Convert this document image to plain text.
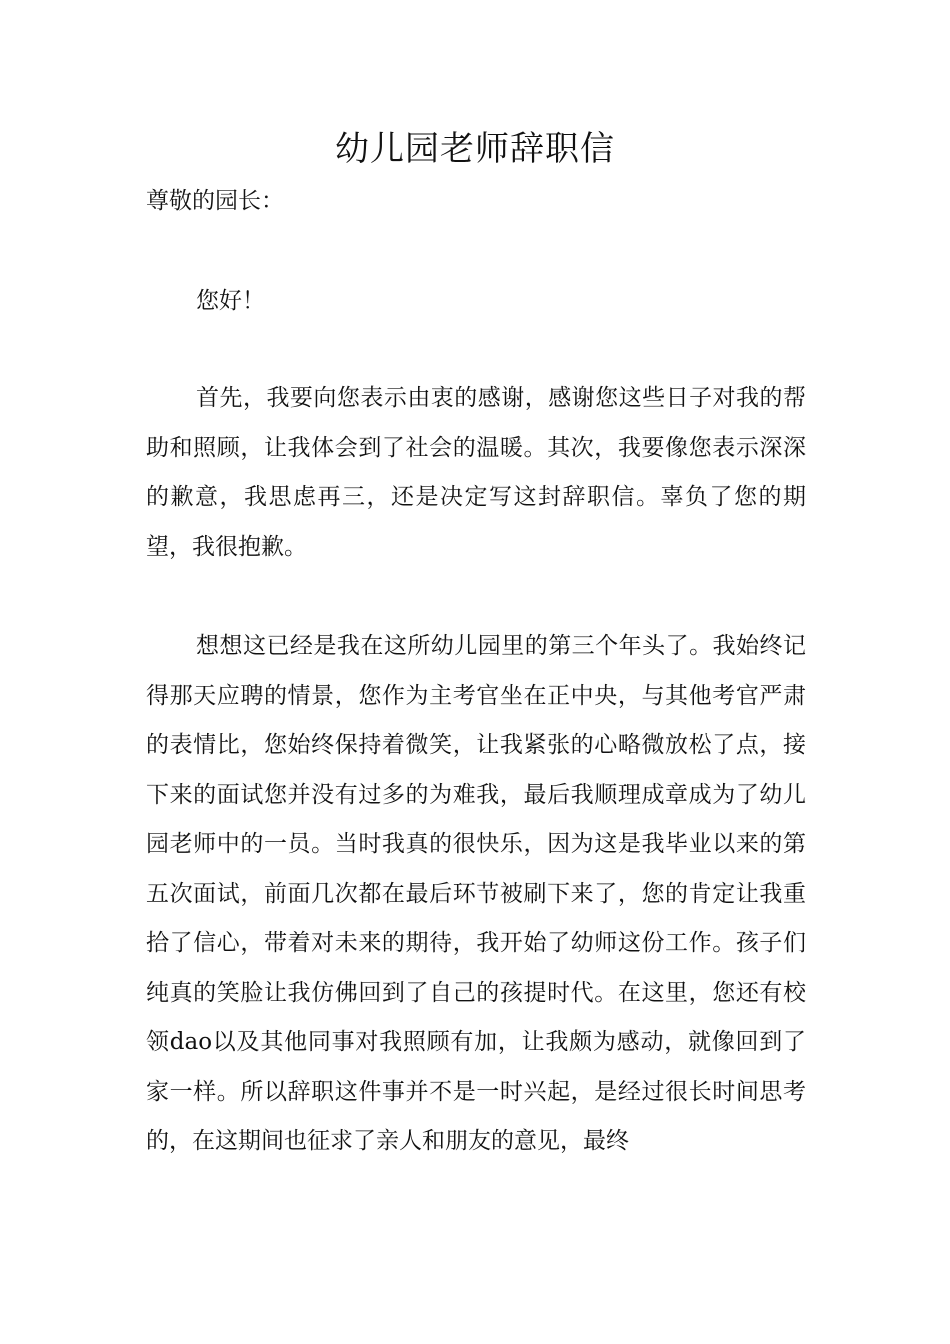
幼儿园老师辞职信

尊敬的园长：

您好！

首先，我要向您表示由衷的感谢，感谢您这些日子对我的帮助和照顾，让我体会到了社会的温暖。其次，我要像您表示深深的歉意，我思虑再三，还是决定写这封辞职信。辜负了您的期望，我很抱歉。

想想这已经是我在这所幼儿园里的第三个年头了。我始终记得那天应聘的情景，您作为主考官坐在正中央，与其他考官严肃的表情比，您始终保持着微笑，让我紧张的心略微放松了点，接下来的面试您并没有过多的为难我，最后我顺理成章成为了幼儿园老师中的一员。当时我真的很快乐，因为这是我毕业以来的第五次面试，前面几次都在最后环节被刷下来了，您的肯定让我重拾了信心，带着对未来的期待，我开始了幼师这份工作。孩子们纯真的笑脸让我仿佛回到了自己的孩提时代。在这里，您还有校领dao以及其他同事对我照顾有加，让我颇为感动，就像回到了家一样。所以辞职这件事并不是一时兴起，是经过很长时间思考的，在这期间也征求了亲人和朋友的意见，最终
